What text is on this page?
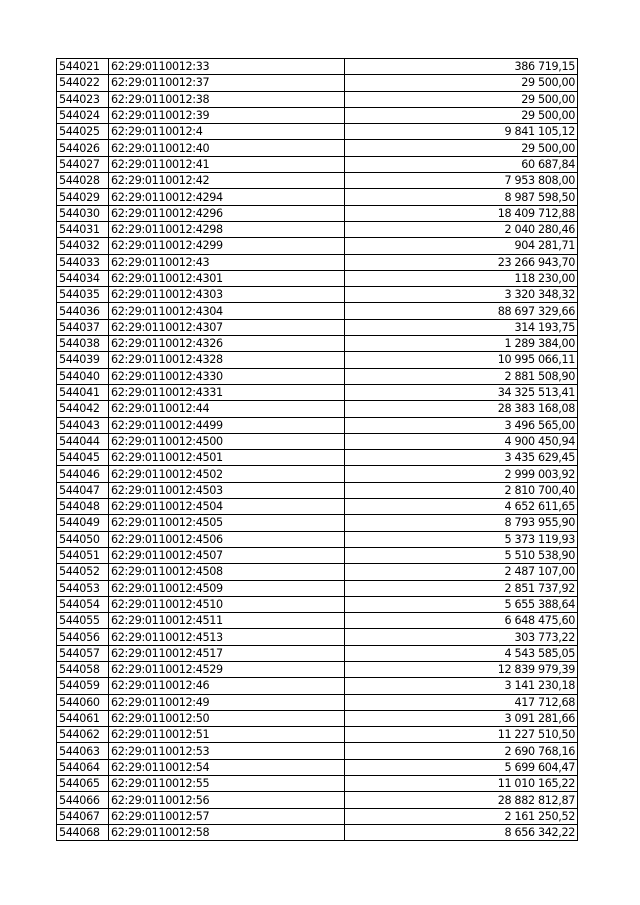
544021	62:29:0110012:33	386 719,15
544022	62:29:0110012:37	29 500,00
544023	62:29:0110012:38	29 500,00
544024	62:29:0110012:39	29 500,00
544025	62:29:0110012:4	9 841 105,12
544026	62:29:0110012:40	29 500,00
544027	62:29:0110012:41	60 687,84
544028	62:29:0110012:42	7 953 808,00
544029	62:29:0110012:4294	8 987 598,50
544030	62:29:0110012:4296	18 409 712,88
544031	62:29:0110012:4298	2 040 280,46
544032	62:29:0110012:4299	904 281,71
544033	62:29:0110012:43	23 266 943,70
544034	62:29:0110012:4301	118 230,00
544035	62:29:0110012:4303	3 320 348,32
544036	62:29:0110012:4304	88 697 329,66
544037	62:29:0110012:4307	314 193,75
544038	62:29:0110012:4326	1 289 384,00
544039	62:29:0110012:4328	10 995 066,11
544040	62:29:0110012:4330	2 881 508,90
544041	62:29:0110012:4331	34 325 513,41
544042	62:29:0110012:44	28 383 168,08
544043	62:29:0110012:4499	3 496 565,00
544044	62:29:0110012:4500	4 900 450,94
544045	62:29:0110012:4501	3 435 629,45
544046	62:29:0110012:4502	2 999 003,92
544047	62:29:0110012:4503	2 810 700,40
544048	62:29:0110012:4504	4 652 611,65
544049	62:29:0110012:4505	8 793 955,90
544050	62:29:0110012:4506	5 373 119,93
544051	62:29:0110012:4507	5 510 538,90
544052	62:29:0110012:4508	2 487 107,00
544053	62:29:0110012:4509	2 851 737,92
544054	62:29:0110012:4510	5 655 388,64
544055	62:29:0110012:4511	6 648 475,60
544056	62:29:0110012:4513	303 773,22
544057	62:29:0110012:4517	4 543 585,05
544058	62:29:0110012:4529	12 839 979,39
544059	62:29:0110012:46	3 141 230,18
544060	62:29:0110012:49	417 712,68
544061	62:29:0110012:50	3 091 281,66
544062	62:29:0110012:51	11 227 510,50
544063	62:29:0110012:53	2 690 768,16
544064	62:29:0110012:54	5 699 604,47
544065	62:29:0110012:55	11 010 165,22
544066	62:29:0110012:56	28 882 812,87
544067	62:29:0110012:57	2 161 250,52
544068	62:29:0110012:58	8 656 342,22
